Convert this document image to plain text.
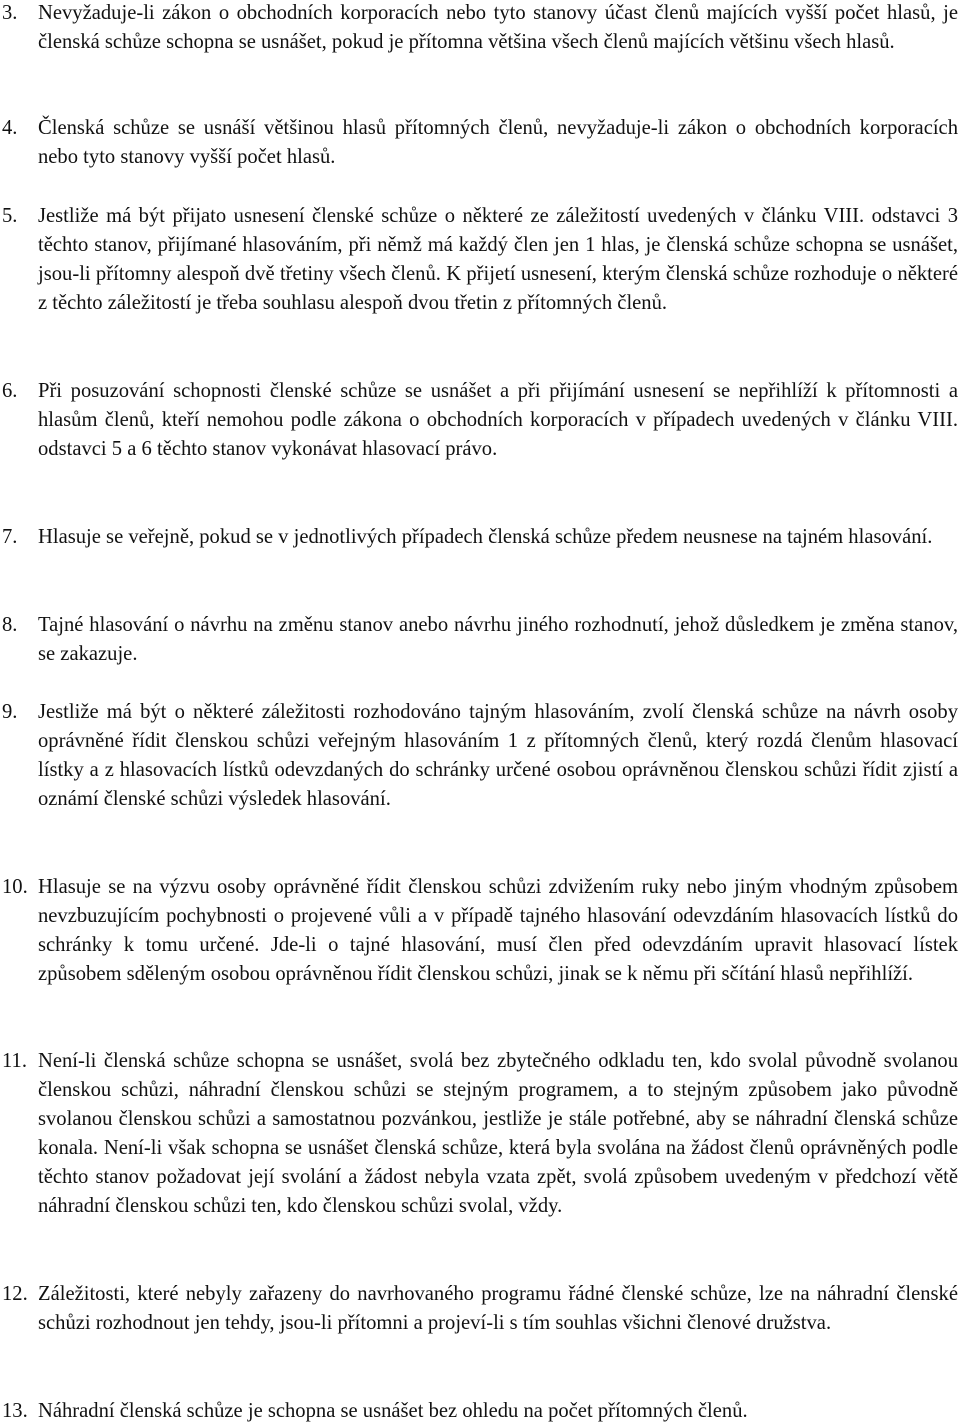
3. Nevyžaduje-li zákon o obchodních korporacích nebo tyto stanovy účast členů majících vyšší počet hlasů, je členská schůze schopna se usnášet, pokud je přítomna většina všech členů majících většinu všech hlasů.

4. Členská schůze se usnáší většinou hlasů přítomných členů, nevyžaduje-li zákon o obchodních korporacích nebo tyto stanovy vyšší počet hlasů.

5. Jestliže má být přijato usnesení členské schůze o některé ze záležitostí uvedených v článku VIII. odstavci 3 těchto stanov, přijímané hlasováním, při němž má každý člen jen 1 hlas, je členská schůze schopna se usnášet, jsou-li přítomny alespoň dvě třetiny všech členů. K přijetí usnesení, kterým členská schůze rozhoduje o některé z těchto záležitostí je třeba souhlasu alespoň dvou třetin z přítomných členů.

6. Při posuzování schopnosti členské schůze se usnášet a při přijímání usnesení se nepřihlíží k přítomnosti a hlasům členů, kteří nemohou podle zákona o obchodních korporacích v případech uvedených v článku VIII. odstavci 5 a 6 těchto stanov vykonávat hlasovací právo.

7. Hlasuje se veřejně, pokud se v jednotlivých případech členská schůze předem neusnese na tajném hlasování.

8. Tajné hlasování o návrhu na změnu stanov anebo návrhu jiného rozhodnutí, jehož důsledkem je změna stanov, se zakazuje.

9. Jestliže má být o některé záležitosti rozhodováno tajným hlasováním, zvolí členská schůze na návrh osoby oprávněné řídit členskou schůzi veřejným hlasováním 1 z přítomných členů, který rozdá členům hlasovací lístky a z hlasovacích lístků odevzdaných do schránky určené osobou oprávněnou členskou schůzi řídit zjistí a oznámí členské schůzi výsledek hlasování.

10. Hlasuje se na výzvu osoby oprávněné řídit členskou schůzi zdvižením ruky nebo jiným vhodným způsobem nevzbuzujícím pochybnosti o projevené vůli a v případě tajného hlasování odevzdáním hlasovacích lístků do schránky k tomu určené. Jde-li o tajné hlasování, musí člen před odevzdáním upravit hlasovací lístek způsobem sděleným osobou oprávněnou řídit členskou schůzi, jinak se k němu při sčítání hlasů nepřihlíží.

11. Není-li členská schůze schopna se usnášet, svolá bez zbytečného odkladu ten, kdo svolal původně svolanou členskou schůzi, náhradní členskou schůzi se stejným programem, a to stejným způsobem jako původně svolanou členskou schůzi a samostatnou pozvánkou, jestliže je stále potřebné, aby se náhradní členská schůze konala. Není-li však schopna se usnášet členská schůze, která byla svolána na žádost členů oprávněných podle těchto stanov požadovat její svolání a žádost nebyla vzata zpět, svolá způsobem uvedeným v předchozí větě náhradní členskou schůzi ten, kdo členskou schůzi svolal, vždy.

12. Záležitosti, které nebyly zařazeny do navrhovaného programu řádné členské schůze, lze na náhradní členské schůzi rozhodnout jen tehdy, jsou-li přítomni a projeví-li s tím souhlas všichni členové družstva.

13. Náhradní členská schůze je schopna se usnášet bez ohledu na počet přítomných členů.
